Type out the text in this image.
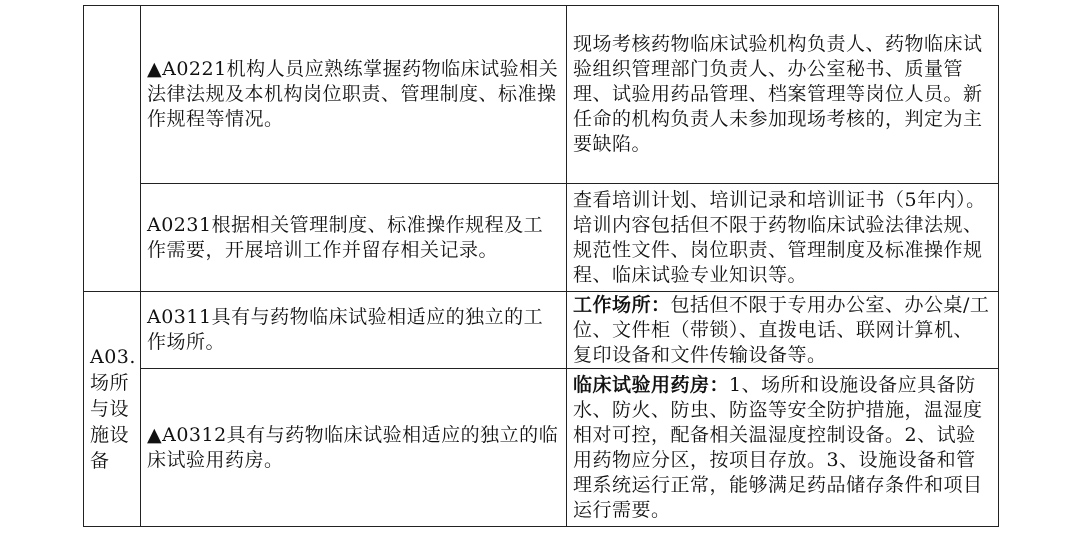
	▲A0221机构人员应熟练掌握药物临床试验相关法律法规及本机构岗位职责、管理制度、标准操作规程等情况。	现场考核药物临床试验机构负责人、药物临床试验组织管理部门负责人、办公室秘书、质量管理、试验用药品管理、档案管理等岗位人员。新任命的机构负责人未参加现场考核的，判定为主要缺陷。
	A0231根据相关管理制度、标准操作规程及工作需要，开展培训工作并留存相关记录。	查看培训计划、培训记录和培训证书（5年内）。培训内容包括但不限于药物临床试验法律法规、规范性文件、岗位职责、管理制度及标准操作规程、临床试验专业知识等。

A03.
场所
与设
施设
备	A0311具有与药物临床试验相适应的独立的工作场所。	工作场所：包括但不限于专用办公室、办公桌/工位、文件柜（带锁）、直拨电话、联网计算机、复印设备和文件传输设备等。
	▲A0312具有与药物临床试验相适应的独立的临床试验用药房。	临床试验用药房：1、场所和设施设备应具备防水、防火、防虫、防盗等安全防护措施，温湿度相对可控，配备相关温湿度控制设备。2、试验用药物应分区，按项目存放。3、设施设备和管理系统运行正常，能够满足药品储存条件和项目运行需要。
